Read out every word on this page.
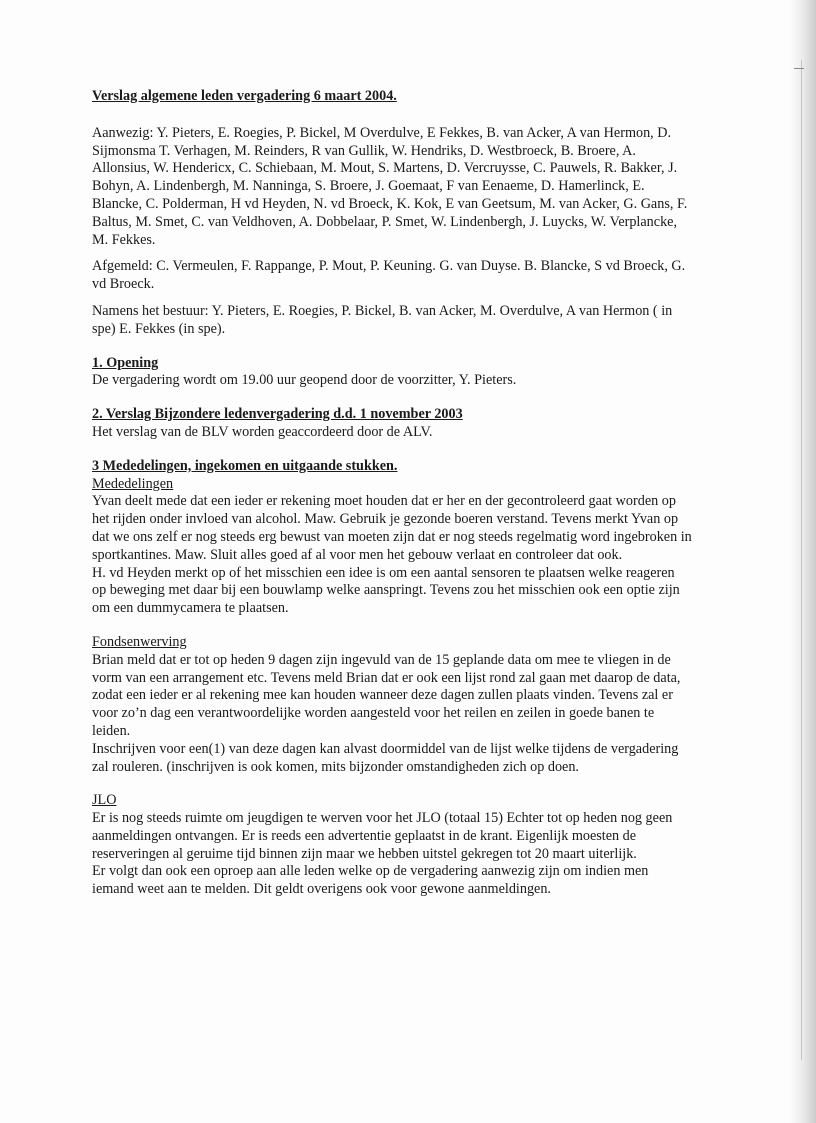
Verslag algemene leden vergadering 6 maart 2004.

Aanwezig: Y. Pieters, E. Roegies, P. Bickel, M Overdulve, E Fekkes, B. van Acker, A van Hermon, D. Sijmonsma T. Verhagen, M. Reinders, R van Gullik, W. Hendriks, D. Westbroeck, B. Broere, A. Allonsius, W. Hendericx, C. Schiebaan, M. Mout, S. Martens, D. Vercruysse, C. Pauwels, R. Bakker, J. Bohyn, A. Lindenbergh, M. Nanninga, S. Broere, J. Goemaat, F van Eenaeme, D. Hamerlinck, E. Blancke, C. Polderman, H vd Heyden, N. vd Broeck, K. Kok, E van Geetsum, M. van Acker, G. Gans, F. Baltus, M. Smet, C. van Veldhoven, A. Dobbelaar, P. Smet, W. Lindenbergh, J. Luycks, W. Verplancke, M. Fekkes.

Afgemeld: C. Vermeulen, F. Rappange, P. Mout, P. Keuning. G. van Duyse. B. Blancke, S vd Broeck, G. vd Broeck.

Namens het bestuur: Y. Pieters, E. Roegies, P. Bickel, B. van Acker, M. Overdulve, A van Hermon ( in spe) E. Fekkes (in spe).

1. Opening

De vergadering wordt om 19.00 uur geopend door de voorzitter, Y. Pieters.

2. Verslag Bijzondere ledenvergadering d.d. 1 november 2003

Het verslag van de BLV worden geaccordeerd door de ALV.

3 Mededelingen, ingekomen en uitgaande stukken.

Mededelingen

Yvan deelt mede dat een ieder er rekening moet houden dat er her en der gecontroleerd gaat worden op het rijden onder invloed van alcohol. Maw. Gebruik je gezonde boeren verstand. Tevens merkt Yvan op dat we ons zelf er nog steeds erg bewust van moeten zijn dat er nog steeds regelmatig word ingebroken in sportkantines. Maw. Sluit alles goed af al voor men het gebouw verlaat en controleer dat ook.

H. vd Heyden merkt op of het misschien een idee is om een aantal sensoren te plaatsen welke reageren op beweging met daar bij een bouwlamp welke aanspringt. Tevens zou het misschien ook een optie zijn om een dummycamera te plaatsen.

Fondsenwerving

Brian meld dat er tot op heden 9 dagen zijn ingevuld van de 15 geplande data om mee te vliegen in de vorm van een arrangement etc. Tevens meld Brian dat er ook een lijst rond zal gaan met daarop de data, zodat een ieder er al rekening mee kan houden wanneer deze dagen zullen plaats vinden. Tevens zal er voor zo’n dag een verantwoordelijke worden aangesteld voor het reilen en zeilen in goede banen te leiden.

Inschrijven voor een(1) van deze dagen kan alvast doormiddel van de lijst welke tijdens de vergadering zal rouleren. (inschrijven is ook komen, mits bijzonder omstandigheden zich op doen.

JLO

Er is nog steeds ruimte om jeugdigen te werven voor het JLO (totaal 15) Echter tot op heden nog geen aanmeldingen ontvangen. Er is reeds een advertentie geplaatst in de krant. Eigenlijk moesten de reserveringen al geruime tijd binnen zijn maar we hebben uitstel gekregen tot 20 maart uiterlijk.

Er volgt dan ook een oproep aan alle leden welke op de vergadering aanwezig zijn om indien men iemand weet aan te melden. Dit geldt overigens ook voor gewone aanmeldingen.
